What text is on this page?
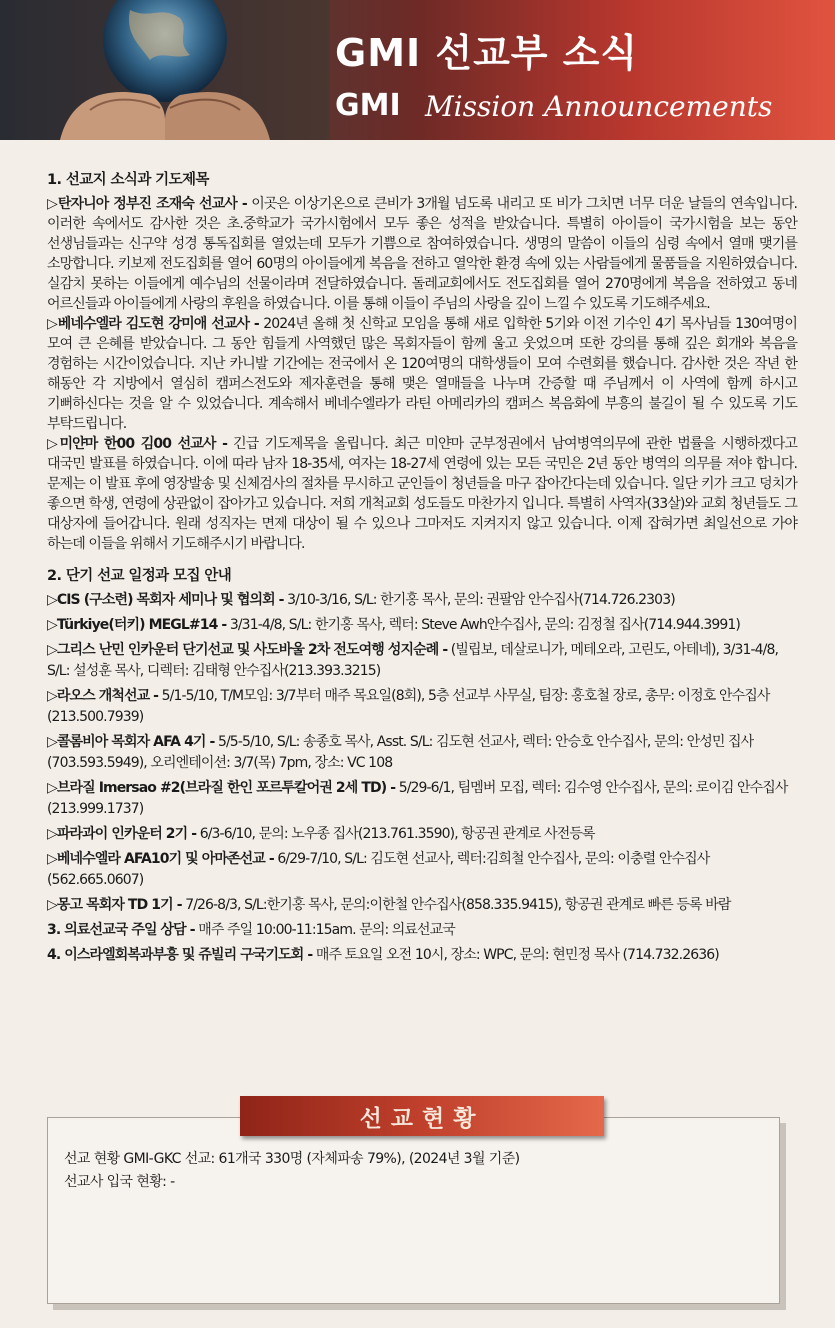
GMI 선교부 소식
GMI Mission Announcements
1. 선교지 소식과 기도제목

▷탄자니아 정부진 조재숙 선교사 - 이곳은 이상기온으로 큰비가 3개월 넘도록 내리고 또 비가 그치면 너무 더운 날들의 연속입니다. 이러한 속에서도 감사한 것은 초.중학교가 국가시험에서 모두 좋은 성적을 받았습니다. 특별히 아이들이 국가시험을 보는 동안 선생님들과는 신구약 성경 통독집회를 열었는데 모두가 기쁨으로 참여하였습니다. 생명의 말씀이 이들의 심령 속에서 열매 맺기를 소망합니다. 키보제 전도집회를 열어 60명의 아이들에게 복음을 전하고 열악한 환경 속에 있는 사람들에게 물품들을 지원하였습니다. 실감치 못하는 이들에게 예수님의 선물이라며 전달하였습니다. 돌레교회에서도 전도집회를 열어 270명에게 복음을 전하였고 동네 어르신들과 아이들에게 사랑의 후원을 하였습니다. 이를 통해 이들이 주님의 사랑을 깊이 느낄 수 있도록 기도해주세요.

▷베네수엘라 김도현 강미애 선교사 - 2024년 올해 첫 신학교 모임을 통해 새로 입학한 5기와 이전 기수인 4기 목사님들 130여명이 모여 큰 은혜를 받았습니다. 그 동안 힘들게 사역했던 많은 목회자들이 함께 울고 웃었으며 또한 강의를 통해 깊은 회개와 복음을 경험하는 시간이었습니다. 지난 카니발 기간에는 전국에서 온 120여명의 대학생들이 모여 수련회를 했습니다. 감사한 것은 작년 한 해동안 각 지방에서 열심히 캠퍼스전도와 제자훈련을 통해 맺은 열매들을 나누며 간증할 때 주님께서 이 사역에 함께 하시고 기뻐하신다는 것을 알 수 있었습니다. 계속해서 베네수엘라가 라틴 아메리카의 캠퍼스 복음화에 부흥의 불길이 될 수 있도록 기도 부탁드립니다.

▷미얀마 한00 김00 선교사 - 긴급 기도제목을 올립니다. 최근 미얀마 군부정권에서 남여병역의무에 관한 법률을 시행하겠다고 대국민 발표를 하였습니다. 이에 따라 남자 18-35세, 여자는 18-27세 연령에 있는 모든 국민은 2년 동안 병역의 의무를 져야 합니다. 문제는 이 발표 후에 영장발송 및 신체검사의 절차를 무시하고 군인들이 청년들을 마구 잡아간다는데 있습니다. 일단 키가 크고 덩치가 좋으면 학생, 연령에 상관없이 잡아가고 있습니다. 저희 개척교회 성도들도 마찬가지 입니다. 특별히 사역자(33살)와 교회 청년들도 그 대상자에 들어갑니다. 원래 성직자는 면제 대상이 될 수 있으나 그마저도 지켜지지 않고 있습니다. 이제 잡혀가면 최일선으로 가야 하는데 이들을 위해서 기도해주시기 바랍니다.

2. 단기 선교 일정과 모집 안내
▷CIS (구소련) 목회자 세미나 및 협의회 - 3/10-3/16, S/L: 한기홍 목사, 문의: 권팔암 안수집사(714.726.2303)
▷Türkiye(터키) MEGL#14 - 3/31-4/8, S/L: 한기홍 목사, 렉터: Steve Awh안수집사, 문의: 김정철 집사(714.944.3991)
▷그리스 난민 인카운터 단기선교 및 사도바울 2차 전도여행 성지순례 - (빌립보, 데살로니가, 메테오라, 고린도, 아테네), 3/31-4/8, S/L: 설성훈 목사, 디렉터: 김태형 안수집사(213.393.3215)
▷라오스 개척선교 - 5/1-5/10, T/M모임: 3/7부터 매주 목요일(8회), 5층 선교부 사무실, 팀장: 홍호철 장로, 총무: 이정호 안수집사(213.500.7939)
▷콜롬비아 목회자 AFA 4기 - 5/5-5/10, S/L: 송종호 목사, Asst. S/L: 김도현 선교사, 렉터: 안승호 안수집사, 문의: 안성민 집사(703.593.5949), 오리엔테이션: 3/7(목) 7pm, 장소: VC 108
▷브라질 Imersao #2(브라질 한인 포르투칼어권 2세 TD) - 5/29-6/1, 팀멤버 모집, 렉터: 김수영 안수집사, 문의: 로이김 안수집사(213.999.1737)
▷파라과이 인카운터 2기 - 6/3-6/10, 문의: 노우종 집사(213.761.3590), 항공권 관계로 사전등록
▷베네수엘라 AFA10기 및 아마존선교 - 6/29-7/10, S/L: 김도현 선교사, 렉터:김희철 안수집사, 문의: 이충렬 안수집사(562.665.0607)
▷몽고 목회자 TD 1기 - 7/26-8/3, S/L:한기홍 목사, 문의:이한철 안수집사(858.335.9415), 항공권 관계로 빠른 등록 바람
3. 의료선교국 주일 상담 - 매주 주일 10:00-11:15am. 문의: 의료선교국
4. 이스라엘회복과부흥 및 쥬빌리 구국기도회 - 매주 토요일 오전 10시, 장소: WPC, 문의: 현민정 목사 (714.732.2636)
선교 현황 GMI-GKC 선교: 61개국 330명 (자체파송 79%), (2024년 3월 기준)
선교사 입국 현황: -
선교현황
